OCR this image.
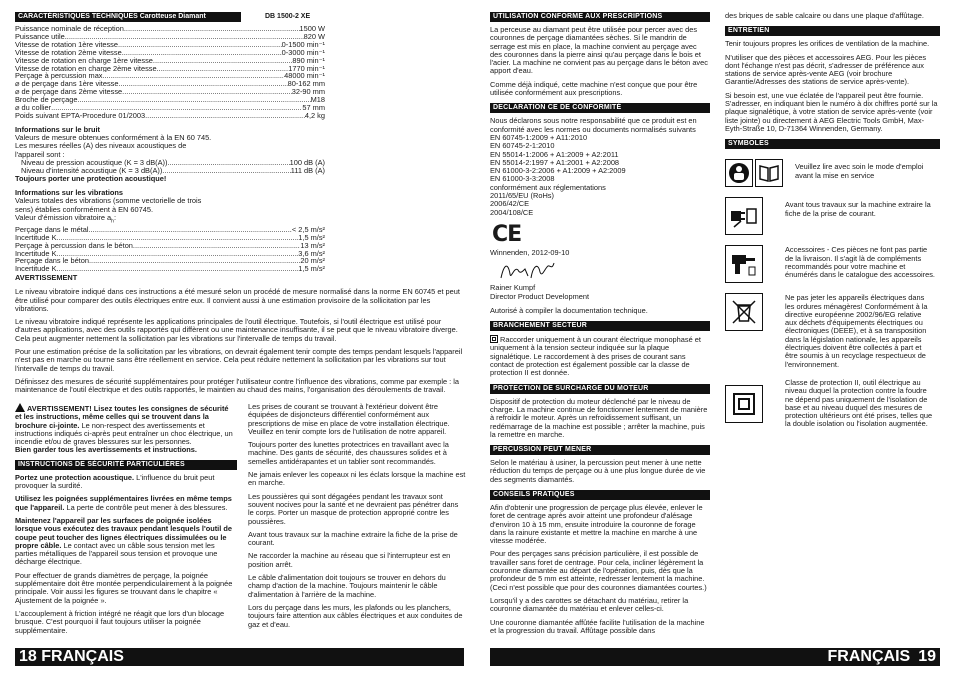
CARACTÉRISTIQUES TECHNIQUES Carotteuse Diamant	DB 1500-2 XE
Puissance nominale de réception .....	1500 W
Puissance utile .....	820 W
Vitesse de rotation 1ère vitesse .....	0-1500 min⁻¹
Vitesse de rotation 2ème vitesse .....	0-3000 min⁻¹
Vitesse de rotation en charge 1ère vitesse .....	890 min⁻¹
Vitesse de rotation en charge 2ème vitesse .....	1770 min⁻¹
Perçage à percussion max. .....	48000 min⁻¹
⌀ de perçage dans 1ère vitesse .....	80-162 mm
⌀ de perçage dans 2ème vitesse .....	32-90 mm
Broche de perçage .....	M18
⌀ du collier .....	57 mm
Poids suivant EPTA-Procedure 01/2003 .....	4,2 kg
Informations sur le bruit
Valeurs de mesure obtenues conformément à la EN 60 745.
Les mesures réelles (A) des niveaux acoustiques de l'appareil sont :
Niveau de pression acoustique (K = 3 dB(A)) .....	100 dB (A)
Niveau d'intensité acoustique (K = 3 dB(A)) .....	111 dB (A)
Toujours porter une protection acoustique!
Informations sur les vibrations
Valeurs totales des vibrations (somme vectorielle de trois sens) établies conformément à EN 60745.
Valeur d'émission vibratoire $a_h$:
Perçage dans le métal .....	< 2,5 m/s²
Incertitude K .....	1,5 m/s²
Perçage à percussion dans le béton .....	13 m/s²
Incertitude K .....	3,6 m/s²
Perçage dans le béton .....	20 m/s²
Incertitude K .....	1,5 m/s²
AVERTISSEMENT

Le niveau vibratoire indiqué dans ces instructions a été mesuré selon un procédé de mesure normalisé dans la norme EN 60745 et peut être utilisé pour comparer des outils électriques entre eux. Il convient aussi à une estimation provisoire de la sollicitation par les vibrations.

Le niveau vibratoire indiqué représente les applications principales de l'outil électrique. Toutefois, si l'outil électrique est utilisé pour d'autres applications, avec des outils rapportés qui diffèrent ou une maintenance insuffisante, il se peut que le niveau vibratoire diverge. Cela peut augmenter nettement la sollicitation par les vibrations sur l'intervalle de temps du travail.

Pour une estimation précise de la sollicitation par les vibrations, on devrait également tenir compte des temps pendant lesquels l'appareil n'est pas en marche ou tourne sans être réellement en service. Cela peut réduire nettement la sollicitation par les vibrations sur tout l'intervalle de temps du travail.

Définissez des mesures de sécurité supplémentaires pour protéger l'utilisateur contre l'influence des vibrations, comme par exemple : la maintenance de l'outil électrique et des outils rapportés, le maintien au chaud des mains, l'organisation des déroulements de travail.

AVERTISSEMENT! Lisez toutes les consignes de sécurité et les instructions, même celles qui se trouvent dans la brochure ci-jointe. Le non-respect des avertissements et instructions indiqués ci-après peut entraîner un choc électrique, un incendie et/ou de graves blessures sur les personnes.
Bien garder tous les avertissements et instructions.

INSTRUCTIONS DE SÉCURITÉ PARTICULIÈRES

Portez une protection acoustique. L'influence du bruit peut provoquer la surdité.

Utilisez les poignées supplémentaires livrées en même temps que l'appareil. La perte de contrôle peut mener à des blessures.

Maintenez l'appareil par les surfaces de poignée isolées lorsque vous exécutez des travaux pendant lesquels l'outil de coupe peut toucher des lignes électriques dissimulées ou le propre câble. Le contact avec un câble sous tension met les parties métalliques de l'appareil sous tension et provoque une décharge électrique.

Pour effectuer de grands diamètres de perçage, la poignée supplémentaire doit être montée perpendiculairement à la poignée principale. Voir aussi les figures se trouvant dans le chapitre « Ajustement de la poignée ».

L'accouplement à friction intégré ne réagit que lors d'un blocage brusque. C'est pourquoi il faut toujours utiliser la poignée supplémentaire.

Les prises de courant se trouvant à l'extérieur doivent être équipées de disjoncteurs différentiel conformément aux prescriptions de mise en place de votre installation électrique. Veuillez en tenir compte lors de l'utilisation de notre appareil.

Toujours porter des lunettes protectrices en travaillant avec la machine. Des gants de sécurité, des chaussures solides et à semelles antidérapantes et un tablier sont recommandés.

Ne jamais enlever les copeaux ni les éclats lorsque la machine est en marche.

Les poussières qui sont dégagées pendant les travaux sont souvent nocives pour la santé et ne devraient pas pénétrer dans le corps. Porter un masque de protection approprié contre les poussières.

Avant tous travaux sur la machine extraire la fiche de la prise de courant.

Ne raccorder la machine au réseau que si l'interrupteur est en position arrêt.

Le câble d'alimentation doit toujours se trouver en dehors du champ d'action de la machine. Toujours maintenir le câble d'alimentation à l'arrière de la machine.

Lors du perçage dans les murs, les plafonds ou les planchers, toujours faire attention aux câbles électriques et aux conduites de gaz et d'eau.

18 FRANÇAIS
UTILISATION CONFORME AUX PRESCRIPTIONS

La perceuse au diamant peut être utilisée pour percer avec des couronnes de perçage diamantées sèches. Si le mandrin de serrage est mis en place, la machine convient au perçage avec des couronnes dans la pierre ainsi qu'au perçage dans le bois et l'acier. La machine ne convient pas au perçage dans le béton avec apport d'eau.

Comme déjà indiqué, cette machine n'est conçue que pour être utilisée conformément aux prescriptions.

DECLARATION CE DE CONFORMITÉ

Nous déclarons sous notre responsabilité que ce produit est en conformité avec les normes ou documents normalisés suivants

EN 60745-1:2009 + A11:2010
EN 60745-2-1:2010
EN 55014-1:2006 + A1:2009 + A2:2011
EN 55014-2:1997 + A1:2001 + A2:2008
EN 61000-3-2:2006 + A1:2009 + A2:2009
EN 61000-3-3:2008
conformément aux réglementations
2011/65/EU (RoHs)
2006/42/CE
2004/108/CE
CE
Winnenden, 2012-09-10
Rainer Kumpf
Director Product Development
Autorisé à compiler la documentation technique.
BRANCHEMENT SECTEUR

Raccorder uniquement à un courant électrique monophasé et uniquement à la tension secteur indiquée sur la plaque signalétique. Le raccordement à des prises de courant sans contact de protection est également possible car la classe de protection II est donnée.

PROTECTION DE SURCHARGE DU MOTEUR

Dispositif de protection du moteur déclenché par le niveau de charge. La machine continue de fonctionner lentement de manière à refroidir le moteur. Après un refroidissement suffisant, un redémarrage de la machine est possible ; arrêter la machine, puis la remettre en marche.

PERCUSSION PEUT MENER

Selon le matériau à usiner, la percussion peut mener à une nette réduction du temps de perçage ou à une plus longue durée de vie des segments diamantés.

CONSEILS PRATIQUES

Afin d'obtenir une progression de perçage plus élevée, enlever le foret de centrage après avoir atteint une profondeur d'alésage d'environ 10 à 15 mm, ensuite introduire la couronne de forage dans la rainure existante et mettre la machine en marche à une vitesse modérée.

Pour des perçages sans précision particulière, il est possible de travailler sans foret de centrage. Pour cela, incliner légèrement la couronne diamantée au départ de l'opération, puis, dès que la profondeur de 5 mm est atteinte, redresser lentement la machine. (Ceci n'est possible que pour des couronnes diamantées courtes.)

Lorsqu'il y a des carottes se détachant du matériau, retirer la couronne diamantée du matériau et enlever celles-ci.

Une couronne diamantée affûtée facilite l'utilisation de la machine et la progression du travail. Affûtage possible dans

des briques de sable calcaire ou dans une plaque d'affûtage.

ENTRETIEN

Tenir toujours propres les orifices de ventilation de la machine.

N'utiliser que des pièces et accessoires AEG. Pour les pièces dont l'échange n'est pas décrit, s'adresser de préférence aux stations de service après-vente AEG (voir brochure Garantie/Adresses des stations de service après-vente).

Si besoin est, une vue éclatée de l'appareil peut être fournie. S'adresser, en indiquant bien le numéro à dix chiffres porté sur la plaque signalétique, à votre station de service après-vente (voir liste jointe) ou directement à AEG Electric Tools GmbH, Max-Eyth-Straße 10, D-71364 Winnenden, Germany.

SYMBOLES
Veuillez lire avec soin le mode d'emploi avant la mise en service
Avant tous travaux sur la machine extraire la fiche de la prise de courant.
Accessoires - Ces pièces ne font pas partie de la livraison. Il s'agit là de compléments recommandés pour votre machine et énumérés dans le catalogue des accessoires.
Ne pas jeter les appareils électriques dans les ordures ménagères! Conformément à la directive européenne 2002/96/EG relative aux déchets d'équipements électriques ou électroniques (DEEE), et à sa transposition dans la législation nationale, les appareils électriques doivent être collectés à part et être soumis à un recyclage respectueux de l'environnement.
Classe de protection II, outil électrique au niveau duquel la protection contre la foudre ne dépend pas uniquement de l'isolation de base et au niveau duquel des mesures de protection ultérieurs ont été prises, telles que la double isolation ou l'isolation augmentée.
FRANÇAIS 19
